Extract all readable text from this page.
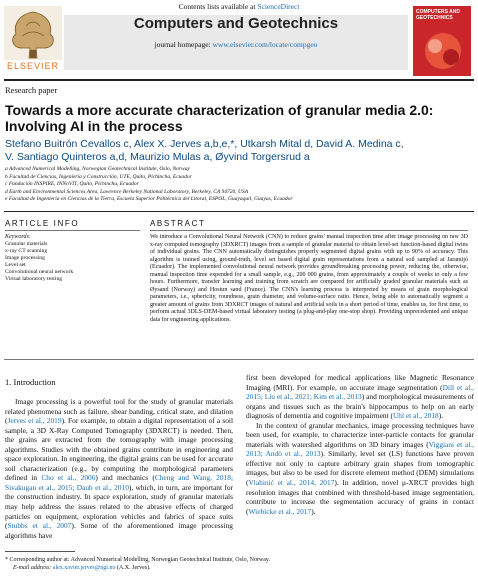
ELSEVIER
Contents lists available at ScienceDirect
Computers and Geotechnics
journal homepage: www.elsevier.com/locate/compgeo
COMPUTERS AND GEOTECHNICS
Research paper
Towards a more accurate characterization of granular media 2.0: Involving AI in the process
Stefano Buitrón Cevallos c, Alex X. Jerves a,b,e,*, Utkarsh Mital d, David A. Medina c,
V. Santiago Quinteros a,d, Maurizio Mulas a, Øyvind Torgersrud a
a Advanced Numerical Modelling, Norwegian Geotechnical Institute, Oslo, Norway
b Facultad de Ciencias, Ingeniería y Construcción, UTE, Quito, Pichincha, Ecuador
c Fundación INSPIRE, INNoVIT, Quito, Pichincha, Ecuador
d Earth and Environmental Sciences Area, Lawrence Berkeley National Laboratory, Berkeley, CA 94720, USA
e Facultad de Ingeniería en Ciencias de la Tierra, Escuela Superior Politécnica del Litoral, ESPOL, Guayaquil, Guayas, Ecuador
ARTICLE INFO	ABSTRACT
Keywords:
Granular materials
x-ray CT scanning
Image processing
Level set
Convolutional neural network
Virtual laboratory testing
We introduce a Convolutional Neural Network (CNN) to reduce grains' manual inspection time after image processing on raw 3D x-ray computed tomography (3DXRCT) images from a sample of granular material to obtain level-set function-based digital twins of individual grains. The CNN automatically distinguishes properly segmented digital grains with up to 90% of accuracy. This algorithm is trained using, ground-truth, level set based digital grain representations from a natural soil sampled at Jaramijó (Ecuador). The implemented convolutional neural network provides groundbreaking processing power, reducing the, otherwise, manual inspection time expended for a small sample, e.g., 200 000 grains, from approximately a couple of weeks to only a few hours. Furthermore, transfer learning and training from scratch are compared for artificially graded granular materials such as Øysand (Norway) and Hostun sand (France). The CNN's learning process is interpreted by means of grain morphological parameters, i.e., sphericity, roundness, grain diameter, and volume-surface ratio. Hence, being able to automatically segment a greater amount of grains from 3DXRCT images of natural and artificial soils in a short period of time, enables us, for first time, to perform actual 3DLS-DEM-based virtual laboratory testing (a plug-and-play one-stop shop). Providing unprecedented and unique data for engineering applications.
1. Introduction
Image processing is a powerful tool for the study of granular materials related phenomena such as failure, shear banding, critical state, and dilation (Jerves et al., 2019). For example, to obtain a digital representation of a soil sample, a 3D X-Ray Computed Tomography (3DXRCT) is needed. Then, the grains are extracted from the tomography with image processing algorithms. Studies with the obtained grains contribute in engineering and space exploration. In engineering, the digital grains can be used for accurate soil characterization (e.g., by computing the morphological parameters defined in Cho et al., 2006) and mechanics (Cheng and Wang, 2018; Sivakugan et al., 2015; Daub et al., 2010), which, in turn, are important for the construction industry. In space exploration, study of granular materials may help address the issues related to the abrasive effects of charged particles on equipment, exploration vehicles and fabrics of space suits (Stubbs et al., 2007). Some of the aforementioned image processing algorithms have
first been developed for medical applications like Magnetic Resonance Imaging (MRI). For example, on accurate image segmentation (Dill et al., 2015; Liu et al., 2021; Kim et al., 2013) and morphological measurements of organs and tissues such as the brain's hippocampus to help on an early diagnosis of dementia and cognitive impairment (Uhl et al., 2018).
In the context of granular mechanics, image processing techniques have been used, for example, to characterize inter-particle contacts for granular materials with watershed algorithms on 3D binary images (Viggiani et al., 2013; Andò et al., 2013). Similarly, level set (LS) functions have proven effective not only to capture arbitrary grain shapes from tomographic images, but also to be used for discrete element method (DEM) simulations (Vlahinić et al., 2014, 2017). In addition, novel μ-XRCT provides high resolution images that combined with threshold-based image segmentation, contribute to increase the segmentation accuracy of grains in contact (Wiebicke et al., 2017).
* Corresponding author at: Advanced Numerical Modelling, Norwegian Geotechnical Institute, Oslo, Norway.
E-mail address: alex.xavier.jerves@ngi.no (A.X. Jerves).
